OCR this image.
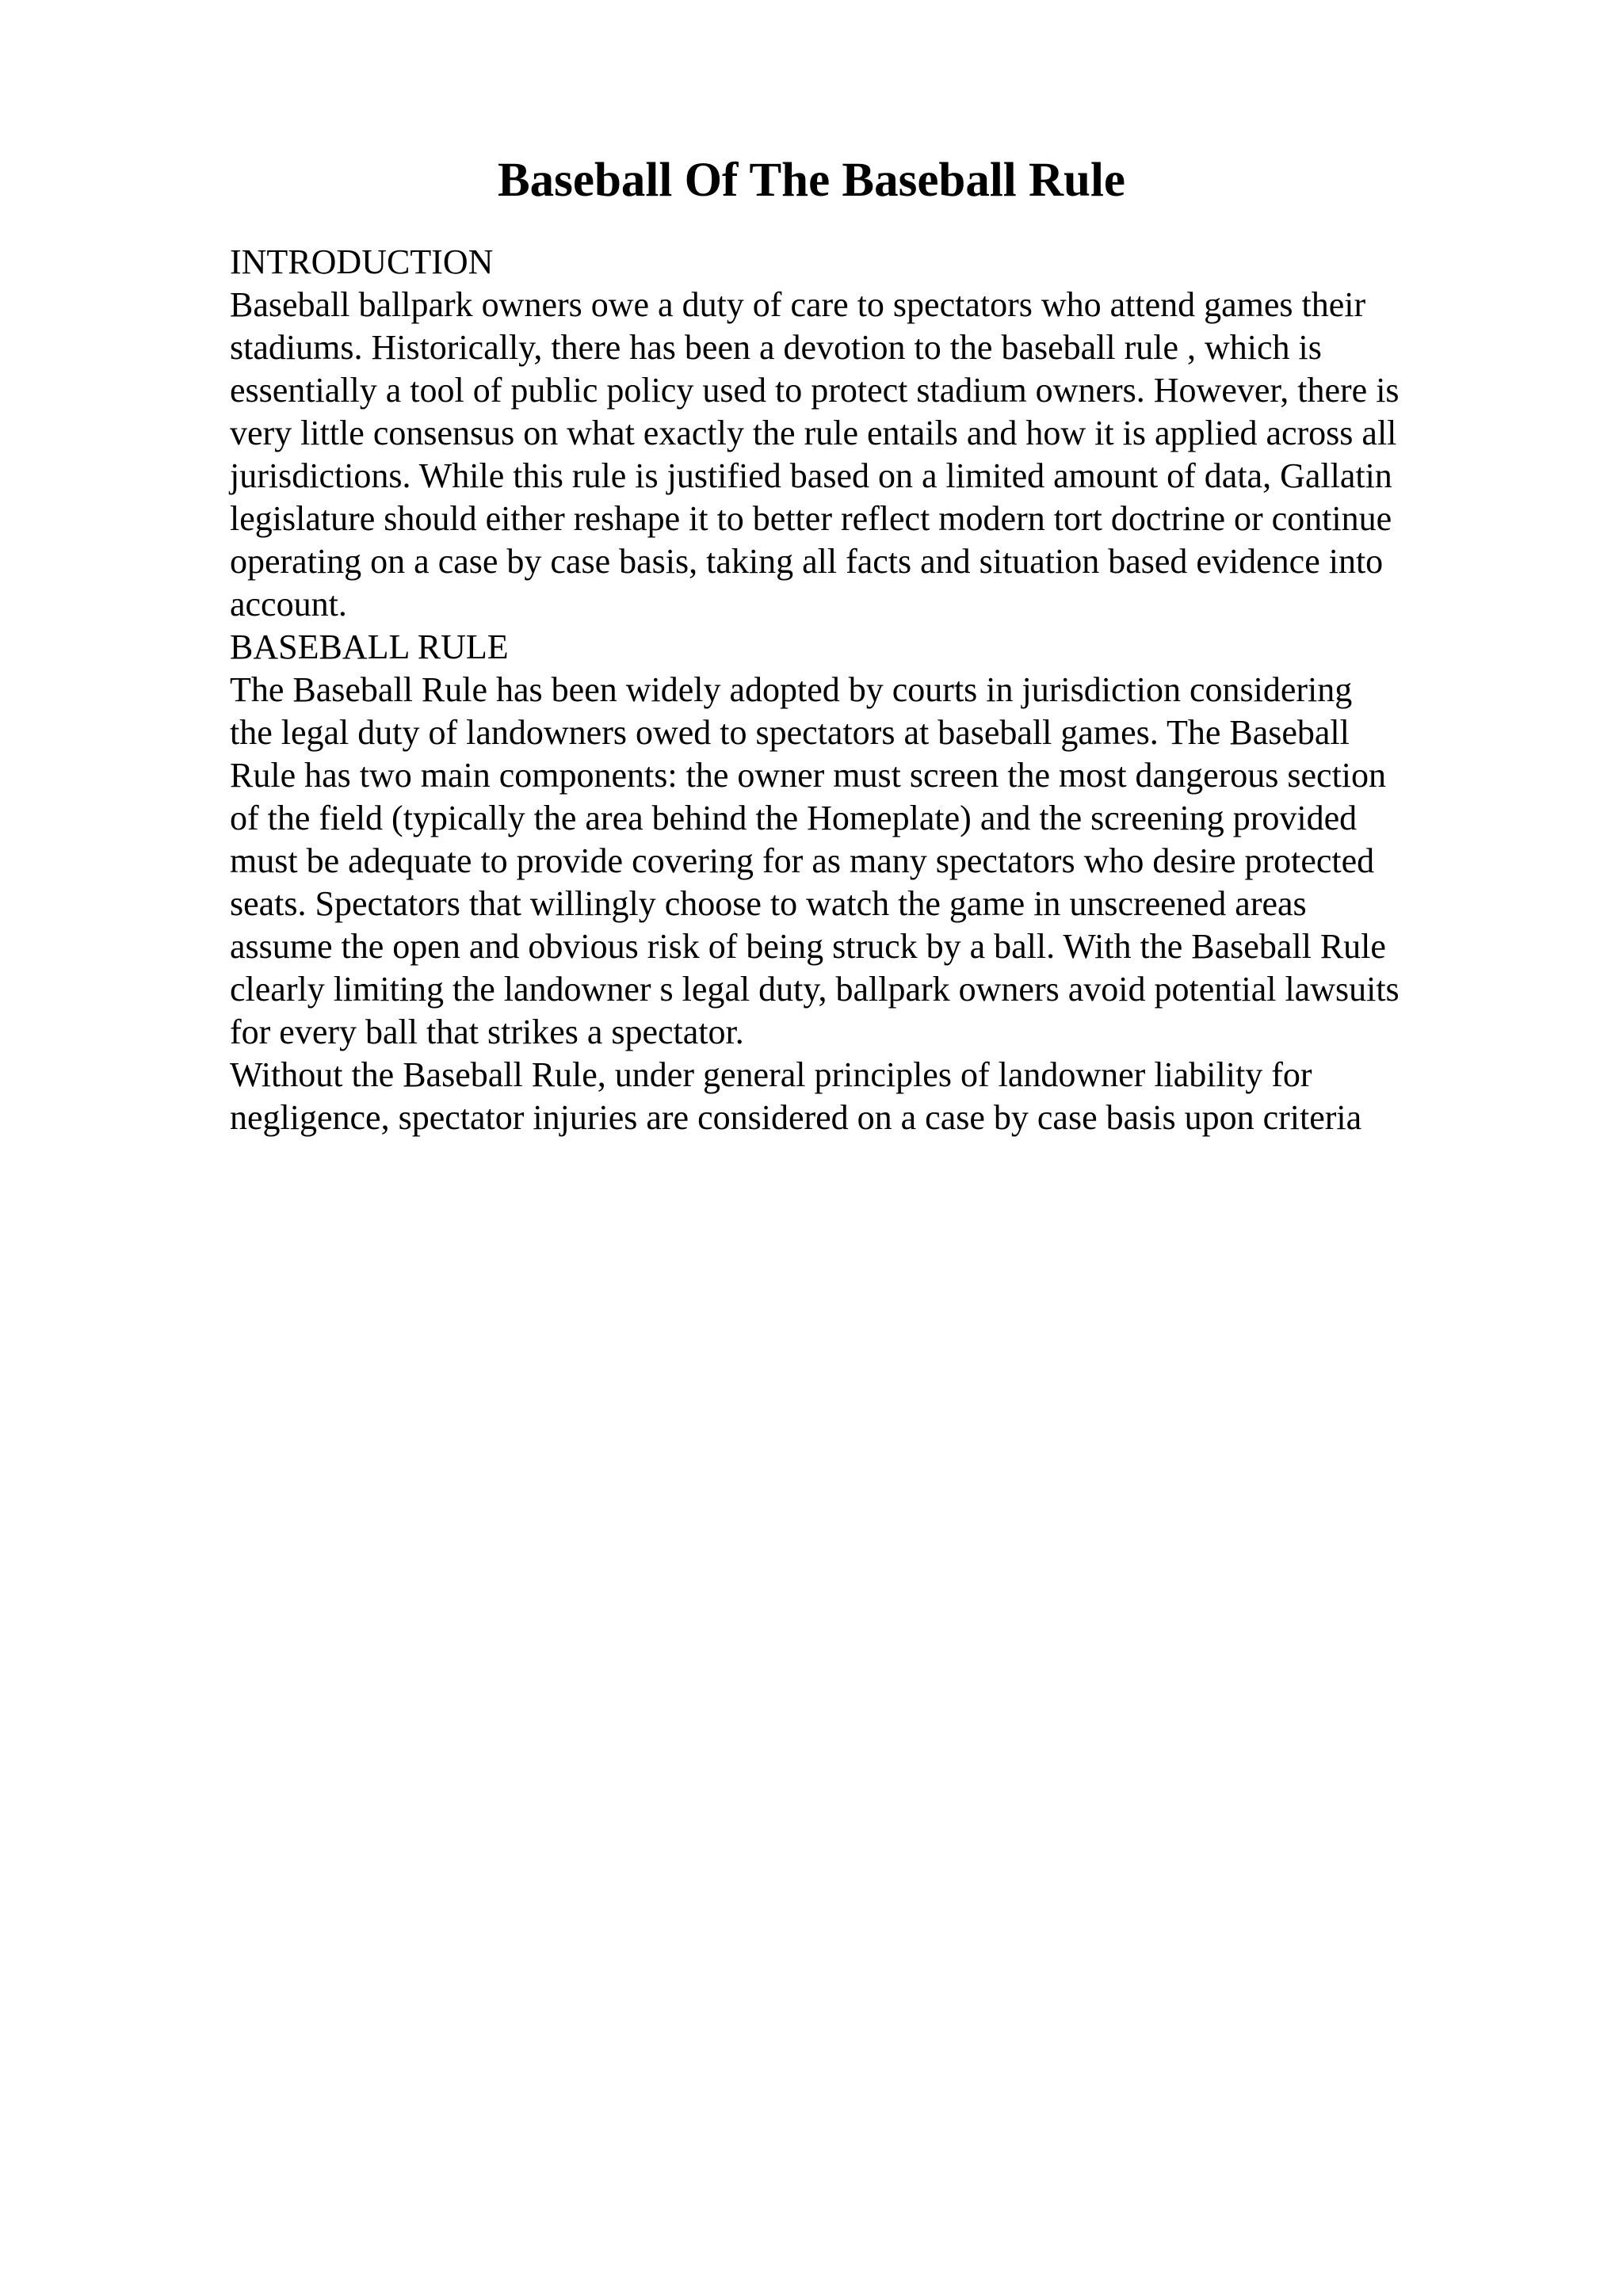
Baseball Of The Baseball Rule
INTRODUCTION
Baseball ballpark owners owe a duty of care to spectators who attend games their
stadiums. Historically, there has been a devotion to the baseball rule , which is
essentially a tool of public policy used to protect stadium owners. However, there is
very little consensus on what exactly the rule entails and how it is applied across all
jurisdictions. While this rule is justified based on a limited amount of data, Gallatin
legislature should either reshape it to better reflect modern tort doctrine or continue
operating on a case by case basis, taking all facts and situation based evidence into
account.
BASEBALL RULE
The Baseball Rule has been widely adopted by courts in jurisdiction considering
the legal duty of landowners owed to spectators at baseball games. The Baseball
Rule has two main components: the owner must screen the most dangerous section
of the field (typically the area behind the Homeplate) and the screening provided
must be adequate to provide covering for as many spectators who desire protected
seats. Spectators that willingly choose to watch the game in unscreened areas
assume the open and obvious risk of being struck by a ball. With the Baseball Rule
clearly limiting the landowner s legal duty, ballpark owners avoid potential lawsuits
for every ball that strikes a spectator.
Without the Baseball Rule, under general principles of landowner liability for
negligence, spectator injuries are considered on a case by case basis upon criteria
